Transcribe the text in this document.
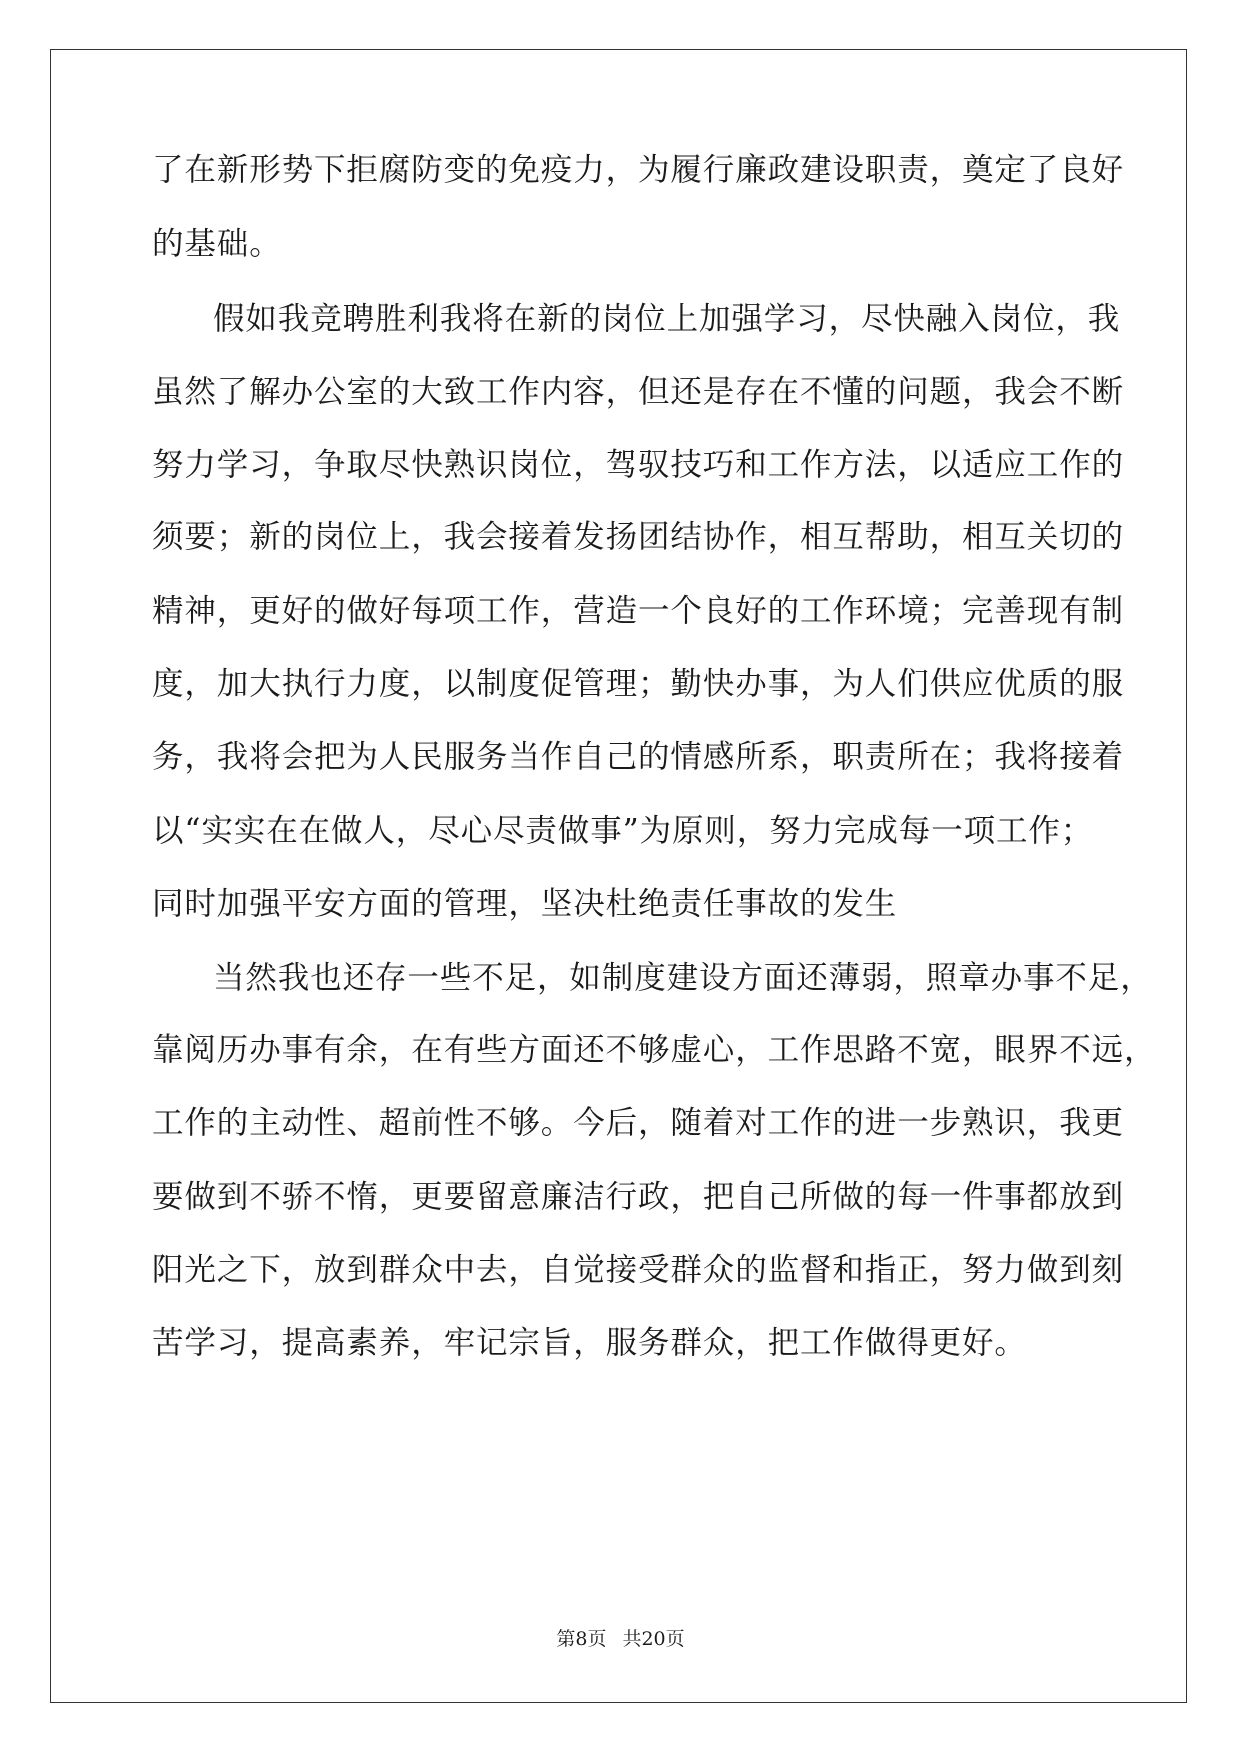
了在新形势下拒腐防变的免疫力，为履行廉政建设职责，奠定了良好
的基础。
假如我竞聘胜利我将在新的岗位上加强学习，尽快融入岗位，我
虽然了解办公室的大致工作内容，但还是存在不懂的问题，我会不断
努力学习，争取尽快熟识岗位，驾驭技巧和工作方法，以适应工作的
须要；新的岗位上，我会接着发扬团结协作，相互帮助，相互关切的
精神，更好的做好每项工作，营造一个良好的工作环境；完善现有制
度，加大执行力度，以制度促管理；勤快办事，为人们供应优质的服
务，我将会把为人民服务当作自己的情感所系，职责所在；我将接着
以“实实在在做人，尽心尽责做事”为原则，努力完成每一项工作；
同时加强平安方面的管理，坚决杜绝责任事故的发生
当然我也还存一些不足，如制度建设方面还薄弱，照章办事不足，
靠阅历办事有余，在有些方面还不够虚心，工作思路不宽，眼界不远，
工作的主动性、超前性不够。今后，随着对工作的进一步熟识，我更
要做到不骄不惰，更要留意廉洁行政，把自己所做的每一件事都放到
阳光之下，放到群众中去，自觉接受群众的监督和指正，努力做到刻
苦学习，提高素养，牢记宗旨，服务群众，把工作做得更好。
第8页 共20页
